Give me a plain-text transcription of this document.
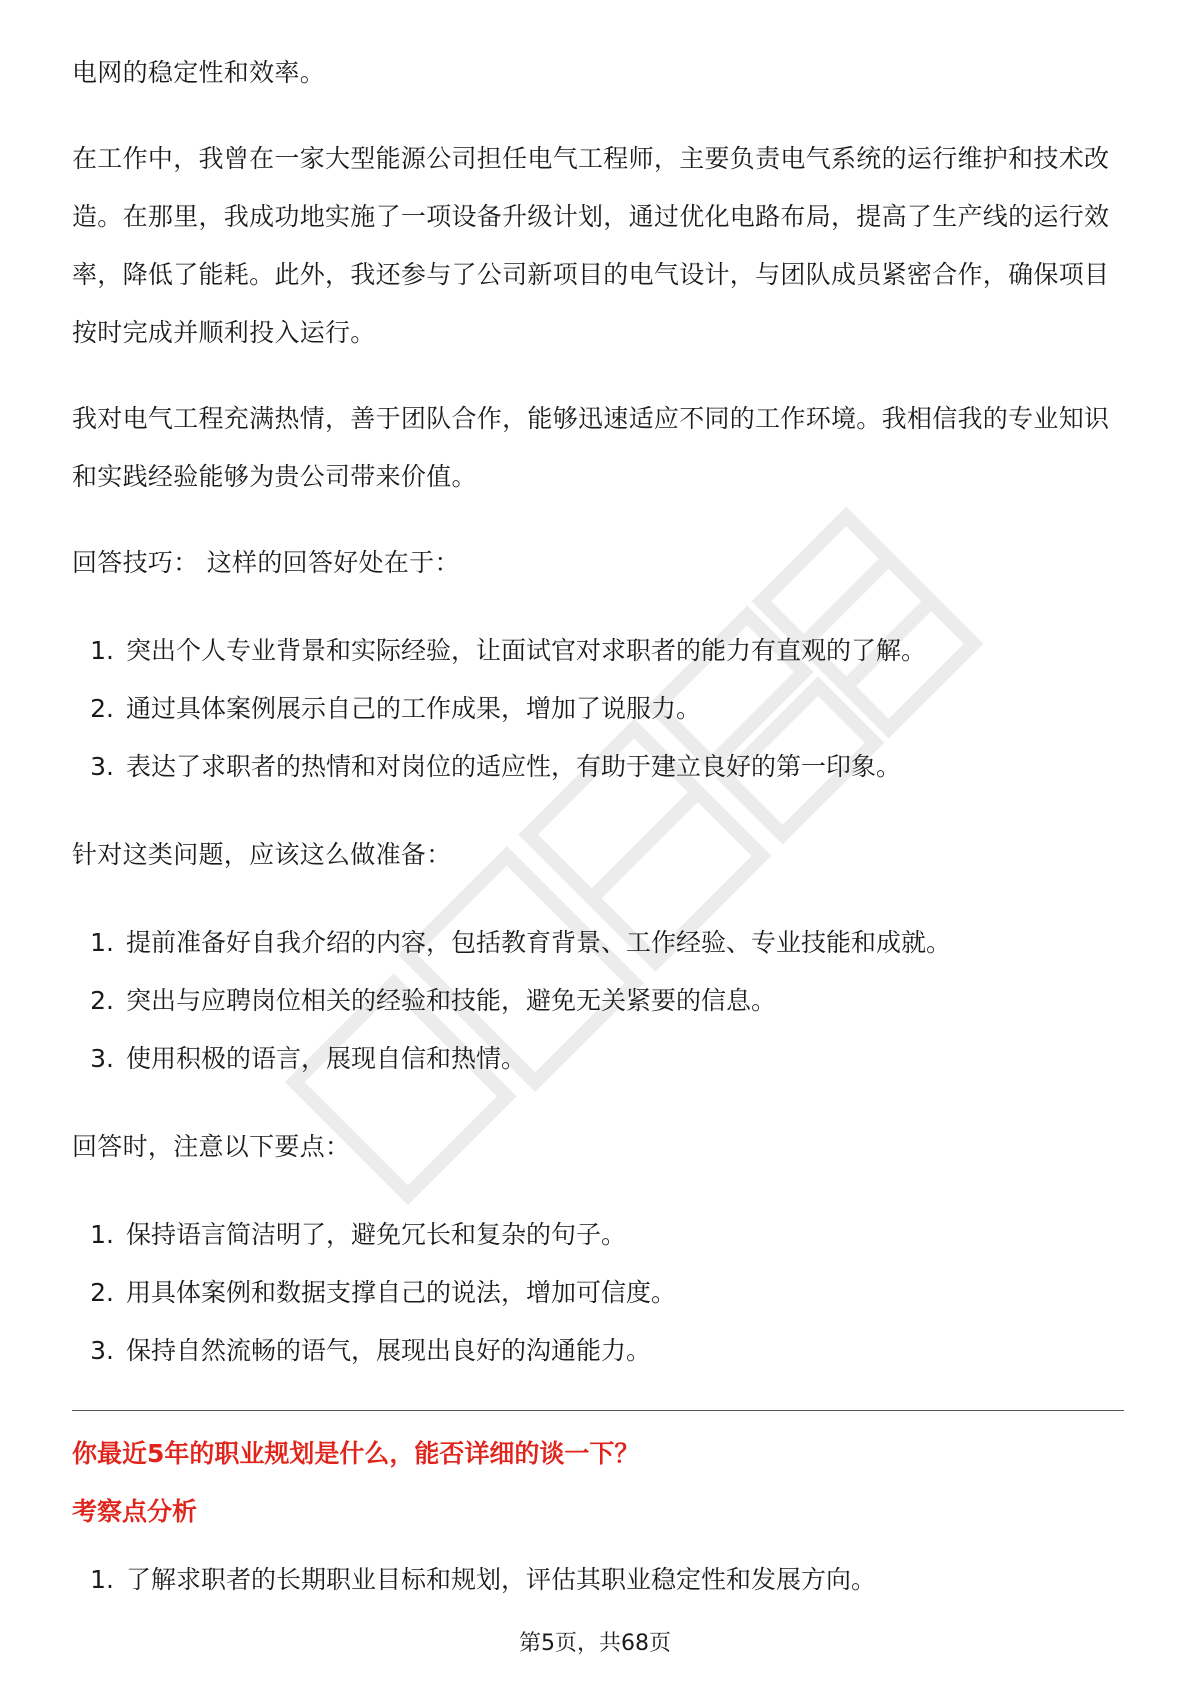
电网的稳定性和效率。

在工作中，我曾在一家大型能源公司担任电气工程师，主要负责电气系统的运行维护和技术改造。在那里，我成功地实施了一项设备升级计划，通过优化电路布局，提高了生产线的运行效率，降低了能耗。此外，我还参与了公司新项目的电气设计，与团队成员紧密合作，确保项目按时完成并顺利投入运行。

我对电气工程充满热情，善于团队合作，能够迅速适应不同的工作环境。我相信我的专业知识和实践经验能够为贵公司带来价值。

回答技巧： 这样的回答好处在于：

1. 突出个人专业背景和实际经验，让面试官对求职者的能力有直观的了解。
2. 通过具体案例展示自己的工作成果，增加了说服力。
3. 表达了求职者的热情和对岗位的适应性，有助于建立良好的第一印象。

针对这类问题，应该这么做准备：

1. 提前准备好自我介绍的内容，包括教育背景、工作经验、专业技能和成就。
2. 突出与应聘岗位相关的经验和技能，避免无关紧要的信息。
3. 使用积极的语言，展现自信和热情。

回答时，注意以下要点：

1. 保持语言简洁明了，避免冗长和复杂的句子。
2. 用具体案例和数据支撑自己的说法，增加可信度。
3. 保持自然流畅的语气，展现出良好的沟通能力。

你最近5年的职业规划是什么，能否详细的谈一下？

考察点分析

1. 了解求职者的长期职业目标和规划，评估其职业稳定性和发展方向。
第5页，共68页
